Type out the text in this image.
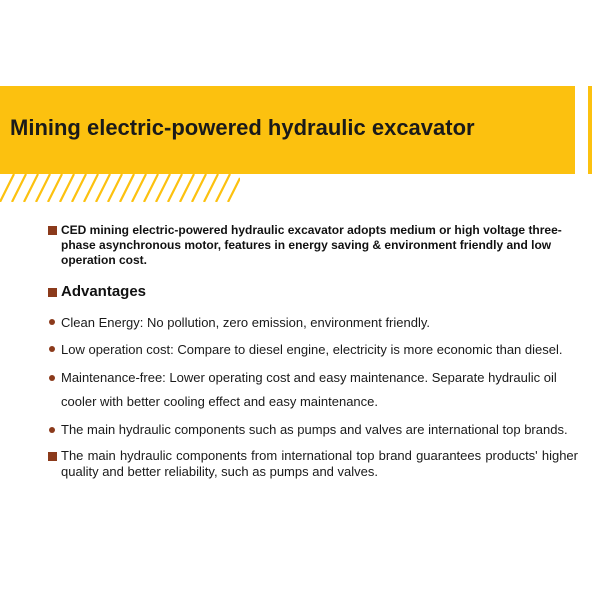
Mining electric-powered hydraulic excavator
CED mining electric-powered hydraulic excavator adopts medium or high voltage three-phase asynchronous motor, features in energy saving & environment friendly and low operation cost.
Advantages
Clean Energy: No pollution, zero emission, environment friendly.
Low operation cost: Compare to diesel engine, electricity is more economic than diesel.
Maintenance-free: Lower operating cost and easy maintenance. Separate hydraulic oil cooler with better cooling effect and easy maintenance.
The main hydraulic components such as pumps and valves are international top brands.
The main hydraulic components from international top brand guarantees products' higher quality and better reliability, such as pumps and valves.
